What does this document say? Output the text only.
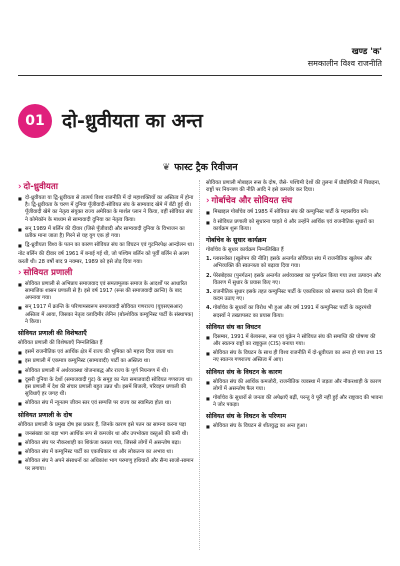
खण्ड 'क'
समकालीन विश्व राजनीति
01 दो-ध्रुवीयता का अन्त
❦ फास्ट ट्रैक रिवीजन
› दो-ध्रुवीयता
■ दो-ध्रुवीयता या द्वि-ध्रुवीयता से तात्पर्य विश्व राजनीति में दो महाशक्तियों का अस्तित्व में होना है। द्वि-ध्रुवीयता के चरण में दुनिया पूँजीवादी-सोवियत संघ के साम्यवाद खेमे में बँटी हुई थी। पूँजीवादी खेमे का नेतृत्व संयुक्त राज्य अमेरिका के मार्शल प्लान ने किया, वहीं सोवियत संघ ने कोमेकॉन के माध्यम से साम्यवादी दुनिया का नेतृत्व किया।
■ सन् 1989 में बर्लिन की दीवार (जिसे पूँजीवादी और साम्यवादी दुनिया के विभाजन का प्रतीक माना जाता है) गिरने से यह युग एक हो गया।
■ द्वि-ध्रुवीयता विश्व के पतन का कारण सोवियत संघ का विघटन एवं गुटनिरपेक्ष आन्दोलन था।

नोट बर्लिन की दीवार वर्ष 1961 में बनाई गई थी, जो पश्चिम बर्लिन को पूर्वी बर्लिन से अलग करती थी। 28 वर्षों बाद 9 नवम्बर, 1989 को इसे तोड़ दिया गया।

› सोवियत प्रणाली
■ सोवियत प्रणाली से अभिप्राय समाजवाद एवं समतामूलक समाज के आदर्शों पर आधारित सामाजिक शासन प्रणाली से है। इसे वर्ष 1917 (रूस की समाजवादी क्रान्ति) के बाद अपनाया गया।
■ सन् 1917 में क्रान्ति के परिणामस्वरूप समाजवादी सोवियत गणराज्य (यूएसएसआर) अस्तित्व में आया, जिसका नेतृत्व व्लादिमीर लेनिन (बोल्शेविक कम्युनिस्ट पार्टी के संस्थापक) ने किया।
सोवियत प्रणाली की विशेषताएँ

सोवियत प्रणाली की विशेषताएँ निम्नलिखित हैं

■ इसमें राजनीतिक एवं आर्थिक क्षेत्र में राज्य की भूमिका को महत्त्व दिया जाता था।
■ इस प्रणाली में एकमात्र कम्युनिस्ट (साम्यवादी) पार्टी का अस्तित्व था।
■ सोवियत प्रणाली में अर्थव्यवस्था योजनाबद्ध और राज्य के पूर्ण नियन्त्रण में थी।
■ दूसरी दुनिया के देशों (समाजवादी गुट) के समूह का नेता समाजवादी सोवियत गणराज्य था। इस प्रणाली में देश की संचार प्रणाली बहुत उन्नत थी। इसमें बिजली, परिवहन प्रणाली की सुविधाएँ हर जगह थीं।
■ सोवियत संघ में न्यूनतम जीवन स्तर एवं सम्पत्ति पर राज्य का स्वामित्व होता था।
सोवियत प्रणाली के दोष

सोवियत प्रणाली के प्रमुख दोष इस प्रकार हैं, जिनके कारण इसे पतन का सामना करना पड़ा

■ जनसंख्या का बड़ा भाग आर्थिक रूप से कमजोर था और उपभोक्ता वस्तुओं की कमी थी।
■ सोवियत संघ पर नौकरशाही का शिकंजा कसता गया, जिससे लोगों में असन्तोष बढ़ा।
■ सोवियत संघ में कम्युनिस्ट पार्टी का एकाधिकार था और लोकतन्त्र का अभाव था।
■ सोवियत संघ ने अपने संसाधनों का अधिकांश भाग परमाणु हथियारों और सैन्य साजो-सामान पर लगाया।

सोवियत प्रणाली मोबाइल रूस के दोष, जैसे- पश्चिमी देशों की तुलना में प्रौद्योगिकी में पिछड़ना, राष्ट्रों पर नियन्त्रण की नीति आदि ने इसे कमजोर कर दिया।

› गोर्बाचेव और सोवियत संघ
■ मिखाइल गोर्बाचेव वर्ष 1985 में सोवियत संघ की कम्युनिस्ट पार्टी के महासचिव बने।
■ वे सोवियत प्रणाली को सुधारना चाहते थे और उन्होंने आर्थिक एवं राजनीतिक सुधारों का कार्यक्रम शुरू किया।
गोर्बाचेव के सुधार कार्यक्रम

गोर्बाचेव के सुधार कार्यक्रम निम्नलिखित हैं

1. ग्लासनोस्त (खुलेपन की नीति) इसके अन्तर्गत सोवियत संघ में राजनीतिक खुलेपन और अभिव्यक्ति की स्वतन्त्रता को बढ़ावा दिया गया।
2. पेरेस्त्रोइका (पुनर्गठन) इसके अन्तर्गत अर्थव्यवस्था का पुनर्गठन किया गया तथा उत्पादन और वितरण में सुधार के प्रयास किए गए।
3. राजनीतिक सुधार इसके तहत कम्युनिस्ट पार्टी के एकाधिकार को समाप्त करने की दिशा में कदम उठाए गए।
4. गोर्बाचेव के सुधारों का विरोध भी हुआ और वर्ष 1991 में कम्युनिस्ट पार्टी के कट्टरपंथी सदस्यों ने तख्तापलट का प्रयास किया।
सोवियत संघ का विघटन
■ दिसम्बर, 1991 में बेलारूस, रूस एवं यूक्रेन ने सोवियत संघ की समाप्ति की घोषणा की और स्वतन्त्र राष्ट्रों का राष्ट्रकुल (CIS) बनाया गया।
■ सोवियत संघ के विघटन के साथ ही विश्व राजनीति में दो-ध्रुवीयता का अन्त हो गया तथा 15 नए स्वतन्त्र गणराज्य अस्तित्व में आए।
सोवियत संघ के विघटन के कारण
■ सोवियत संघ की आर्थिक कमजोरी, राजनीतिक व्यवस्था में जड़ता और नौकरशाही के कारण लोगों में असन्तोष फैल गया।
■ गोर्बाचेव के सुधारों से जनता की अपेक्षाएँ बढ़ीं, परन्तु वे पूरी नहीं हुईं और राष्ट्रवाद की भावना ने जोर पकड़ा।
सोवियत संघ के विघटन के परिणाम
■ सोवियत संघ के विघटन से शीतयुद्ध का अन्त हुआ।
